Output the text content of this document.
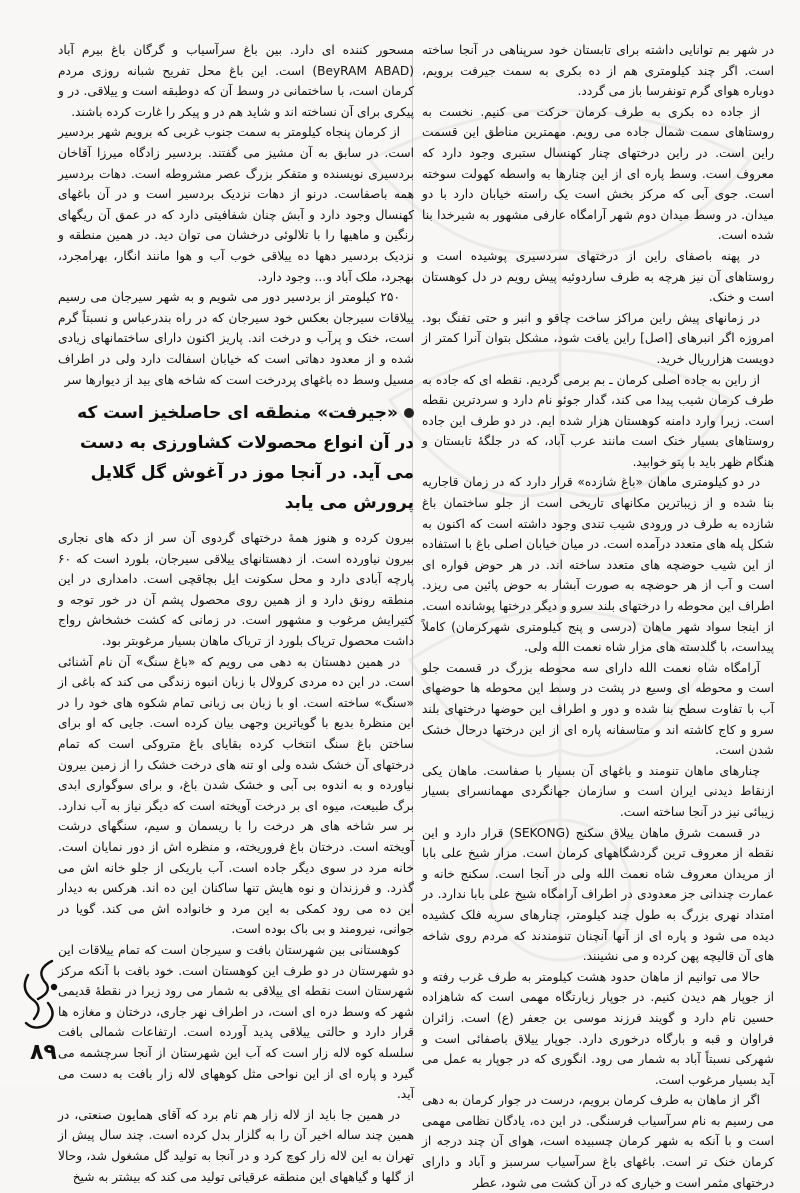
در شهر بم توانایی داشته برای تابستان خود سرپناهی در آنجا ساخته است. اگر چند کیلومتری هم از ده بکری به سمت جیرفت برویم، دوباره هوای گرم تونفرسا باز می گردد.

از جاده ده بکری به طرف کرمان حرکت می کنیم. نخست به روستاهای سمت شمال جاده می رویم. مهمترین مناطق این قسمت راین است. در راین درختهای چنار کهنسال ستبری وجود دارد که معروف است. وسط پاره ای از این چنارها به واسطه کهولت سوخته است. جوی آبی که مرکز بخش است یک راسته خیابان دارد با دو میدان. در وسط میدان دوم شهر آرامگاه عارفی مشهور به شیرخدا بنا شده است.

در پهنه باصفای راین از درختهای سردسیری پوشیده است و روستاهای آن نیز هرچه به طرف ساردوئیه پیش رویم در دل کوهستان است و خنک.

در زمانهای پیش راین مراکز ساخت چاقو و انبر و حتی تفنگ بود. امروزه اگر انبرهای [اصل] راین یافت شود، مشکل بتوان آنرا کمتر از دویست هزارریال خرید.

از راین به جاده اصلی کرمان ـ بم برمی گردیم. نقطه ای که جاده به طرف کرمان شیب پیدا می کند، گدار جوئو نام دارد و سردترین نقطه است. زیرا وارد دامنه کوهستان هزار شده ایم. در دو طرف این جاده روستاهای بسیار خنک است مانند عرب آباد، که در جلگهٔ تابستان و هنگام ظهر باید با پتو خوابید.

در دو کیلومتری ماهان «باغ شازده» قرار دارد که در زمان قاجاریه بنا شده و از زیباترین مکانهای تاریخی است از جلو ساختمان باغ شازده به طرف در ورودی شیب تندی وجود داشته است که اکنون به شکل پله های متعدد درآمده است. در میان خیابان اصلی باغ با استفاده از این شیب حوضچه های متعدد ساخته اند. در هر حوض فواره ای است و آب از هر حوضچه به صورت آبشار به حوض پائین می ریزد. اطراف این محوطه را درختهای بلند سرو و دیگر درختها پوشانده است. از اینجا سواد شهر ماهان (درسی و پنج کیلومتری شهرکرمان) کاملاً پیداست، با گلدسته های مزار شاه نعمت الله ولی.

آرامگاه شاه نعمت الله دارای سه محوطه بزرگ در قسمت جلو است و محوطه ای وسیع در پشت در وسط این محوطه ها حوضهای آب با تفاوت سطح بنا شده و دور و اطراف این حوضها درختهای بلند سرو و کاج کاشته اند و متاسفانه پاره ای از این درختها درحال خشک شدن است.

چنارهای ماهان تنومند و باغهای آن بسیار با صفاست. ماهان یکی ازنقاط دیدنی ایران است و سازمان جهانگردی مهمانسرای بسیار زیبائی نیز در آنجا ساخته است.

در قسمت شرق ماهان ییلاق سکنج (SEKONG) قرار دارد و این نقطه از معروف ترین گردشگاههای کرمان است. مزار شیخ علی بابا از مریدان معروف شاه نعمت الله ولی در آنجا است. سکنج خانه و عمارت چندانی جز معدودی در اطراف آرامگاه شیخ علی بابا ندارد. در امتداد نهری بزرگ به طول چند کیلومتر، چنارهای سربه فلک کشیده دیده می شود و پاره ای از آنها آنچنان تنومندند که مردم روی شاخه های آن قالیچه پهن کرده و می نشینند.

حالا می توانیم از ماهان حدود هشت کیلومتر به طرف غرب رفته و از جوپار هم دیدن کنیم. در جوپار زیارتگاه مهمی است که شاهزاده حسین نام دارد و گویند فرزند موسی بن جعفر (ع) است. زائران فراوان و قبه و بارگاه درخوری دارد. جوپار ییلاق باصفائی است و شهرکی نسبتاً آباد به شمار می رود. انگوری که در جوپار به عمل می آید بسیار مرغوب است.

اگر از ماهان به طرف کرمان برویم، درست در جوار کرمان به دهی می رسیم به نام سرآسیاب فرسنگی. در این ده، یادگان نظامی مهمی است و با آنکه به شهر کرمان چسبیده است، هوای آن چند درجه از کرمان خنک تر است. باغهای باغ سرآسیاب سرسبز و آباد و دارای درختهای مثمر است و خیاری که در آن کشت می شود، عطر

مسحور کننده ای دارد. بین باغ سرآسیاب و گرگان باغ بیرم آباد (BeyRAM ABAD) است. این باغ محل تفریح شبانه روزی مردم کرمان است، با ساختمانی در وسط آن که دوطبقه است و ییلاقی. در و پیکری برای آن نساخته اند و شاید هم در و پیکر را غارت کرده باشند.

از کرمان پنجاه کیلومتر به سمت جنوب غربی که برویم شهر بردسیر است. در سابق به آن مشیز می گفتند. بردسیر زادگاه میرزا آقاخان بردسیری نویسنده و متفکر بزرگ عصر مشروطه است. دهات بردسیر همه باصفاست. درنو از دهات نزدیک بردسیر است و در آن باغهای کهنسال وجود دارد و آبش چنان شفافیتی دارد که در عمق آن ریگهای رنگین و ماهیها را با تلالوئی درخشان می توان دید. در همین منطقه و نزدیک بردسیر دهها ده ییلاقی خوب آب و هوا مانند انگار، بهرامجرد، بهجرد، ملک آباد و... وجود دارد.

۲۵۰ کیلومتر از بردسیر دور می شویم و به شهر سیرجان می رسیم ییلاقات سیرجان بعکس خود سیرجان که در راه بندرعباس و نسبتاً گرم است، خنک و پرآب و درخت اند. پاریز اکنون دارای ساختمانهای زیادی شده و از معدود دهاتی است که خیابان اسفالت دارد ولی در اطراف مسیل وسط ده باغهای پردرخت است که شاخه های بید از دیوارها سر

«جیرفت» منطقه ای حاصلخیز است که در آن انواع محصولات کشاورزی به دست می آید. در آنجا موز در آغوش گل گلایل پرورش می یابد

بیرون کرده و هنوز همهٔ درختهای گردوی آن سر از دکه های نجاری بیرون نیاورده است. از دهستانهای ییلاقی سیرجان، بلورد است که ۶۰ پارچه آبادی دارد و محل سکونت ایل بچاقچی است. دامداری در این منطقه رونق دارد و از همین روی محصول پشم آن در خور توجه و کتیرایش مرغوب و مشهور است. در زمانی که کشت خشخاش رواج داشت محصول تریاک بلورد از تریاک ماهان بسیار مرغوبتر بود.

در همین دهستان به دهی می رویم که «باغ سنگ» آن نام آشنائی است. در این ده مردی کرولال با زبان انبوه زندگی می کند که باغی از «سنگ» ساخته است. او با زبان بی زبانی تمام شکوه های خود را در این منظرهٔ بدیع با گویاترین وجهی بیان کرده است. جایی که او برای ساختن باغ سنگ انتخاب کرده بقایای باغ متروکی است که تمام درختهای آن خشک شده ولی او تنه های درخت خشک را از زمین بیرون نیاورده و به اندوه بی آبی و خشک شدن باغ، و برای سوگواری ابدی برگ طبیعت، میوه ای بر درخت آویخته است که دیگر نیاز به آب ندارد. بر سر شاخه های هر درخت را با ریسمان و سیم، سنگهای درشت آویخته است. درختان باغ فروریخته، و منظره اش از دور نمایان است. خانه مرد در سوی دیگر جاده است. آب باریکی از جلو خانه اش می گذرد. و فرزندان و نوه هایش تنها ساکنان این ده اند. هرکس به دیدار این ده می رود کمکی به این مرد و خانواده اش می کند. گویا در جوانی، نیرومند و بی باک بوده است.

کوهستانی بین شهرستان بافت و سیرجان است که تمام ییلاقات این دو شهرستان در دو طرف این کوهستان است. خود بافت با آنکه مرکز شهرستان است نقطه ای ییلاقی به شمار می رود زیرا در نقطهٔ قدیمی شهر که وسط دره ای است، در اطراف نهر جاری، درختان و مغازه ها قرار دارد و حالتی ییلاقی پدید آورده است. ارتفاعات شمالی بافت سلسله کوه لاله زار است که آب این شهرستان از آنجا سرچشمه می گیرد و پاره ای از این نواحی مثل کوههای لاله زار بافت به دست می آید.

در همین جا باید از لاله زار هم نام برد که آقای همایون صنعتی، در همین چند ساله اخیر آن را به گلزار بدل کرده است. چند سال پیش از تهران به این لاله زار کوچ کرد و در آنجا به تولید گل مشغول شد، وحالا از گلها و گیاههای این منطقه عرقیاتی تولید می کند که بیشتر به شیخ

۸۹
